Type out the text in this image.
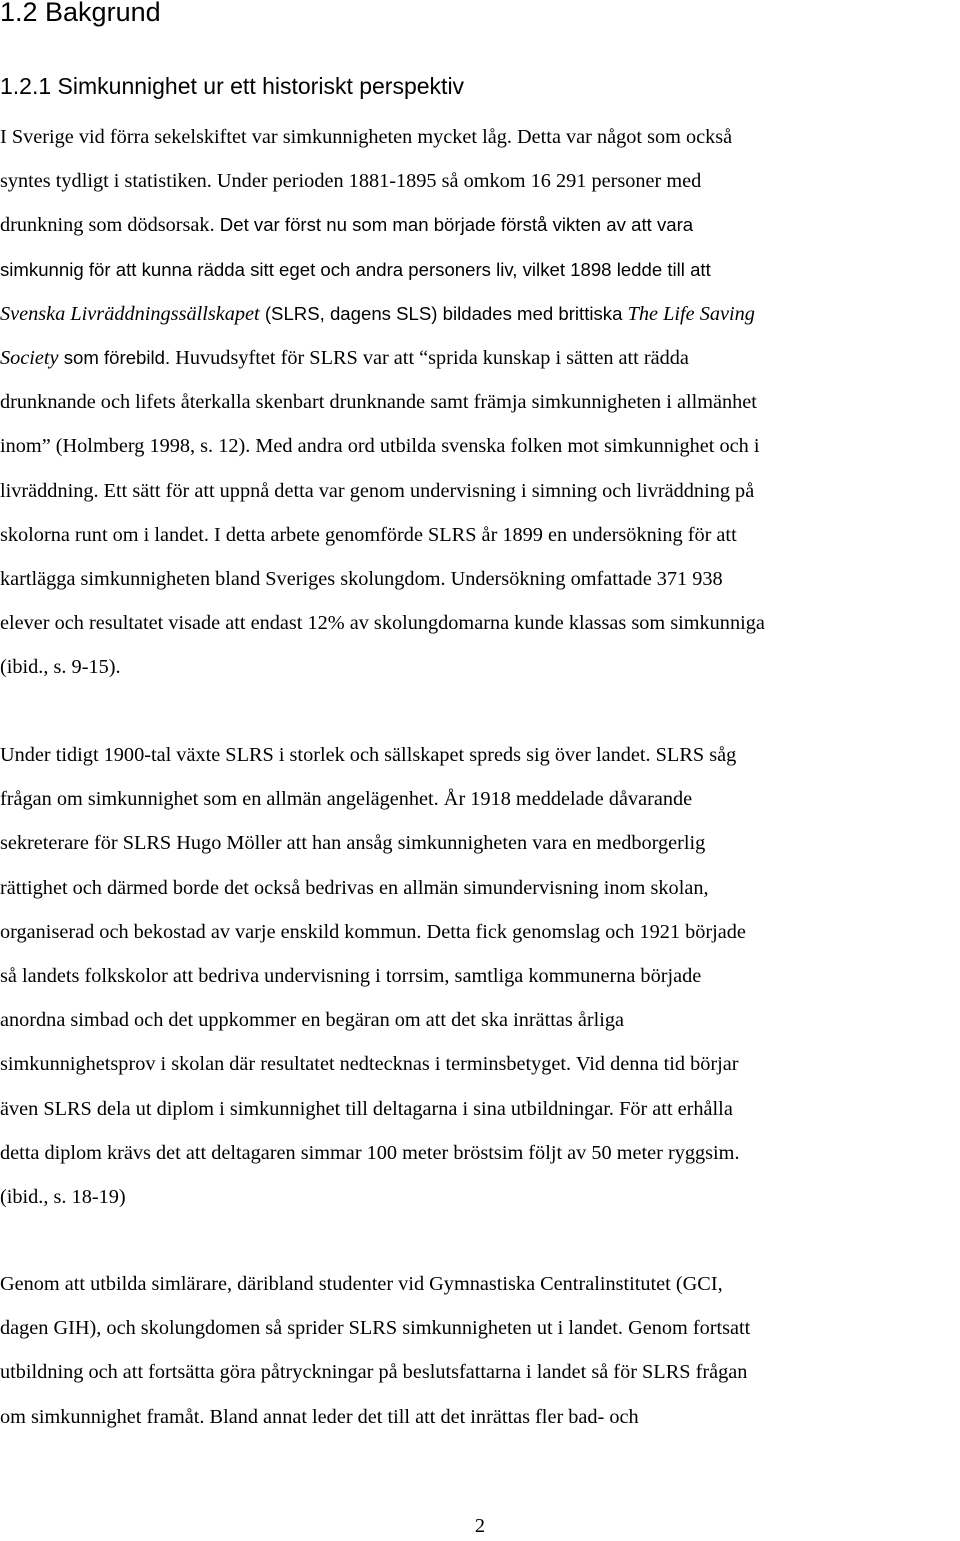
1.2 Bakgrund
1.2.1 Simkunnighet ur ett historiskt perspektiv

I Sverige vid förra sekelskiftet var simkunnigheten mycket låg. Detta var något som också
syntes tydligt i statistiken. Under perioden 1881-1895 så omkom 16 291 personer med
drunkning som dödsorsak. Det var först nu som man började förstå vikten av att vara
simkunnig för att kunna rädda sitt eget och andra personers liv, vilket 1898 ledde till att
Svenska Livräddningssällskapet (SLRS, dagens SLS) bildades med brittiska The Life Saving
Society som förebild. Huvudsyftet för SLRS var att “sprida kunskap i sätten att rädda
drunknande och lifets återkalla skenbart drunknande samt främja simkunnigheten i allmänhet
inom” (Holmberg 1998, s. 12). Med andra ord utbilda svenska folken mot simkunnighet och i
livräddning. Ett sätt för att uppnå detta var genom undervisning i simning och livräddning på
skolorna runt om i landet. I detta arbete genomförde SLRS år 1899 en undersökning för att
kartlägga simkunnigheten bland Sveriges skolungdom. Undersökning omfattade 371 938
elever och resultatet visade att endast 12% av skolungdomarna kunde klassas som simkunniga
(ibid., s. 9-15).

Under tidigt 1900-tal växte SLRS i storlek och sällskapet spreds sig över landet. SLRS såg
frågan om simkunnighet som en allmän angelägenhet. År 1918 meddelade dåvarande
sekreterare för SLRS Hugo Möller att han ansåg simkunnigheten vara en medborgerlig
rättighet och därmed borde det också bedrivas en allmän simundervisning inom skolan,
organiserad och bekostad av varje enskild kommun. Detta fick genomslag och 1921 började
så landets folkskolor att bedriva undervisning i torrsim, samtliga kommunerna började
anordna simbad och det uppkommer en begäran om att det ska inrättas årliga
simkunnighetsprov i skolan där resultatet nedtecknas i terminsbetyget. Vid denna tid börjar
även SLRS dela ut diplom i simkunnighet till deltagarna i sina utbildningar. För att erhålla
detta diplom krävs det att deltagaren simmar 100 meter bröstsim följt av 50 meter ryggsim.
(ibid., s. 18-19)

Genom att utbilda simlärare, däribland studenter vid Gymnastiska Centralinstitutet (GCI,
dagen GIH), och skolungdomen så sprider SLRS simkunnigheten ut i landet. Genom fortsatt
utbildning och att fortsätta göra påtryckningar på beslutsfattarna i landet så för SLRS frågan
om simkunnighet framåt. Bland annat leder det till att det inrättas fler bad- och

2
